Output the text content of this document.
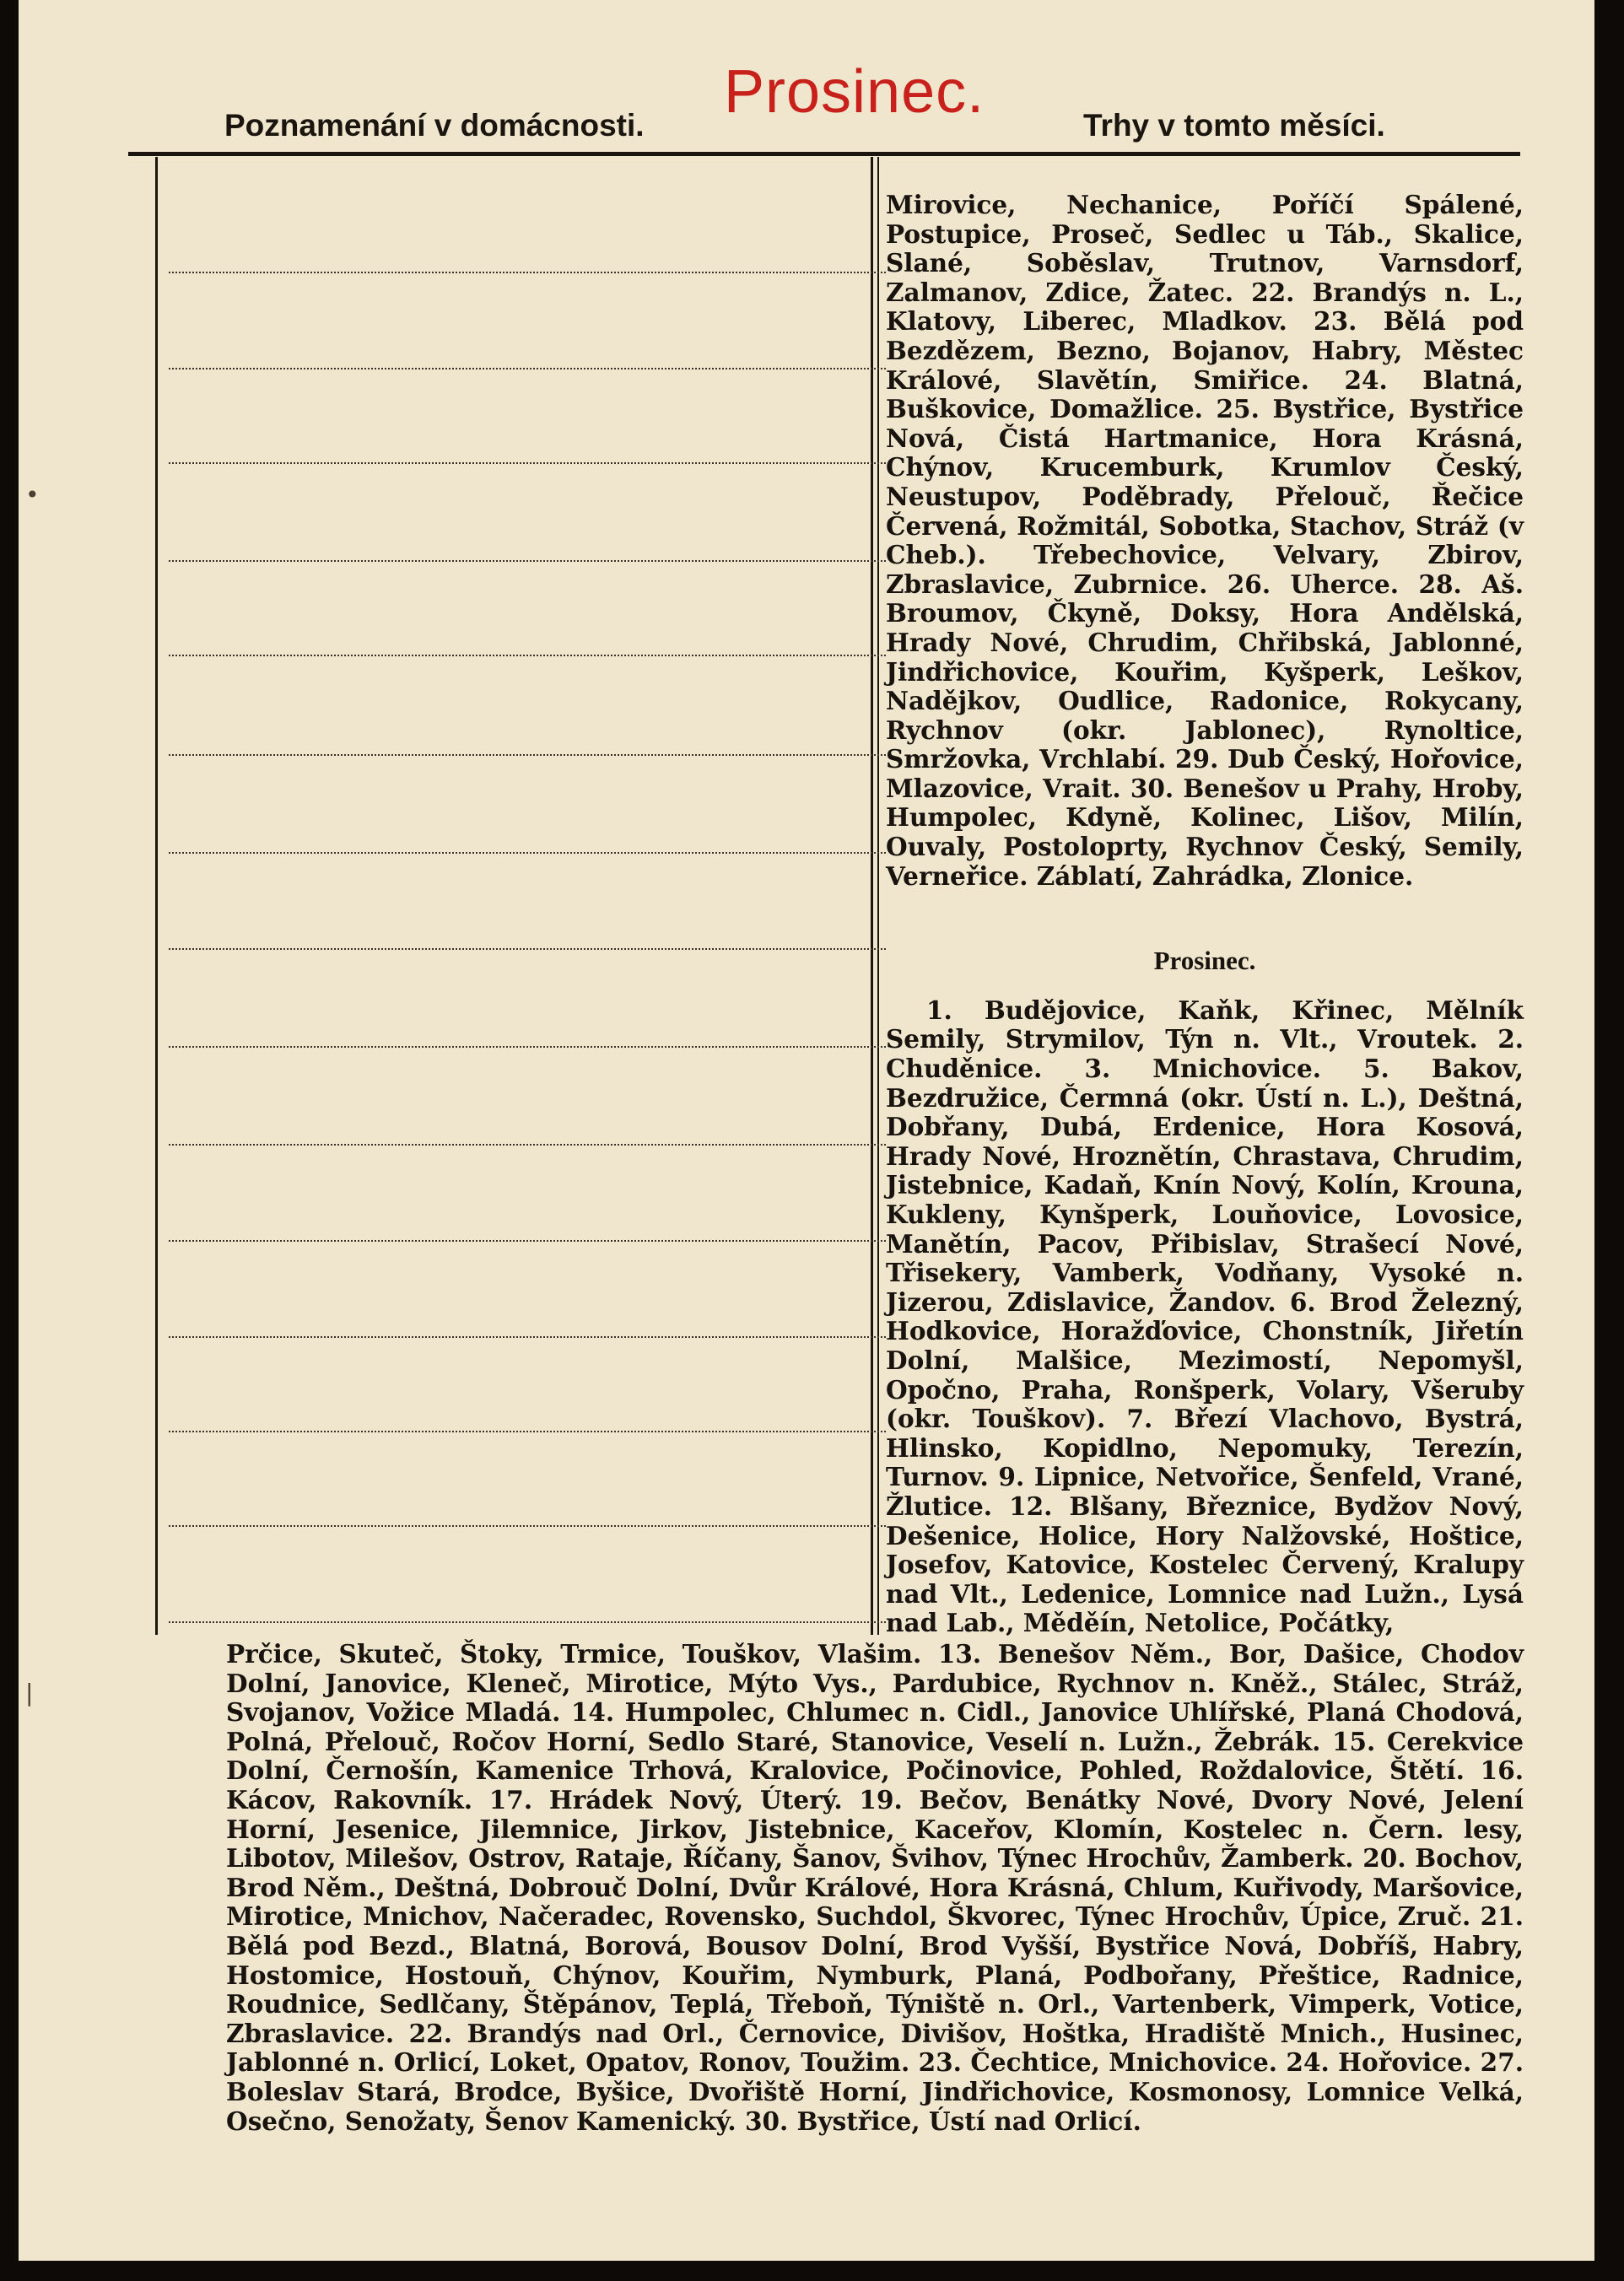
Poznamenání v domácnosti. Prosinec.	Trhy v tomto měsíci.

Mirovice, Nechanice, Poříčí Spálené, Postupice, Proseč, Sedlec u Táb., Skalice, Slané, Soběslav, Trutnov, Varnsdorf, Zalmanov, Zdice, Žatec. 22. Brandýs n. L., Klatovy, Liberec, Mladkov. 23. Bělá pod Bezdězem, Bezno, Bojanov, Habry, Městec Králové, Slavětín, Smiřice. 24. Blatná, Buškovice, Domažlice. 25. Bystřice, Bystřice Nová, Čistá Hartmanice, Hora Krásná, Chýnov, Krucemburk, Krumlov Český, Neustupov, Poděbrady, Přelouč, Řečice Červená, Rožmitál, Sobotka, Stachov, Stráž (v Cheb.). Třebechovice, Velvary, Zbirov, Zbraslavice, Zubrnice. 26. Uherce. 28. Aš. Broumov, Čkyně, Doksy, Hora Andělská, Hrady Nové, Chrudim, Chřibská, Jablonné, Jindřichovice, Kouřim, Kyšperk, Leškov, Nadějkov, Oudlice, Radonice, Rokycany, Rychnov (okr. Jablonec), Rynoltice, Smržovka, Vrchlabí. 29. Dub Český, Hořovice, Mlazovice, Vrait. 30. Benešov u Prahy, Hroby, Humpolec, Kdyně, Kolinec, Lišov, Milín, Ouvaly, Postoloprty, Rychnov Český, Semily, Verneřice. Záblatí, Zahrádka, Zlonice.

Prosinec.

1. Budějovice, Kaňk, Křinec, Mělník Semily, Strymilov, Týn n. Vlt., Vroutek. 2. Chuděnice. 3. Mnichovice. 5. Bakov, Bezdružice, Čermná (okr. Ústí n. L.), Deštná, Dobřany, Dubá, Erdenice, Hora Kosová, Hrady Nové, Hroznětín, Chrastava, Chrudim, Jistebnice, Kadaň, Knín Nový, Kolín, Krouna, Kukleny, Kynšperk, Louňovice, Lovosice, Manětín, Pacov, Přibislav, Strašecí Nové, Třisekery, Vamberk, Vodňany, Vysoké n. Jizerou, Zdislavice, Žandov. 6. Brod Železný, Hodkovice, Horažďovice, Chonstník, Jiřetín Dolní, Malšice, Mezimostí, Nepomyšl, Opočno, Praha, Ronšperk, Volary, Všeruby (okr. Touškov). 7. Březí Vlachovo, Bystrá, Hlinsko, Kopidlno, Nepomuky, Terezín, Turnov. 9. Lipnice, Netvořice, Šenfeld, Vrané, Žlutice. 12. Blšany, Březnice, Bydžov Nový, Dešenice, Holice, Hory Nalžovské, Hoštice, Josefov, Katovice, Kostelec Červený, Kralupy nad Vlt., Ledenice, Lomnice nad Lužn., Lysá nad Lab., Měděín, Netolice, Počátky,

Prčice, Skuteč, Štoky, Trmice, Touškov, Vlašim. 13. Benešov Něm., Bor, Dašice, Chodov Dolní, Janovice, Kleneč, Mirotice, Mýto Vys., Pardubice, Rychnov n. Kněž., Stálec, Stráž, Svojanov, Vožice Mladá. 14. Humpolec, Chlumec n. Cidl., Janovice Uhlířské, Planá Chodová, Polná, Přelouč, Ročov Horní, Sedlo Staré, Stanovice, Veselí n. Lužn., Žebrák. 15. Cerekvice Dolní, Černošín, Kamenice Trhová, Kralovice, Počinovice, Pohled, Roždalovice, Štětí. 16. Kácov, Rakovník. 17. Hrádek Nový, Úterý. 19. Bečov, Benátky Nové, Dvory Nové, Jelení Horní, Jesenice, Jilemnice, Jirkov, Jistebnice, Kaceřov, Klomín, Kostelec n. Čern. lesy, Libotov, Milešov, Ostrov, Rataje, Říčany, Šanov, Švihov, Týnec Hrochův, Žamberk. 20. Bochov, Brod Něm., Deštná, Dobrouč Dolní, Dvůr Králové, Hora Krásná, Chlum, Kuřivody, Maršovice, Mirotice, Mnichov, Načeradec, Rovensko, Suchdol, Škvorec, Týnec Hrochův, Úpice, Zruč. 21. Bělá pod Bezd., Blatná, Borová, Bousov Dolní, Brod Vyšší, Bystřice Nová, Dobříš, Habry, Hostomice, Hostouň, Chýnov, Kouřim, Nymburk, Planá, Podbořany, Přeštice, Radnice, Roudnice, Sedlčany, Štěpánov, Teplá, Třeboň, Týniště n. Orl., Vartenberk, Vimperk, Votice, Zbraslavice. 22. Brandýs nad Orl., Černovice, Divišov, Hoštka, Hradiště Mnich., Husinec, Jablonné n. Orlicí, Loket, Opatov, Ronov, Toužim. 23. Čechtice, Mnichovice. 24. Hořovice. 27. Boleslav Stará, Brodce, Byšice, Dvořiště Horní, Jindřichovice, Kosmonosy, Lomnice Velká, Osečno, Senožaty, Šenov Kamenický. 30. Bystřice, Ústí nad Orlicí.

•
|
